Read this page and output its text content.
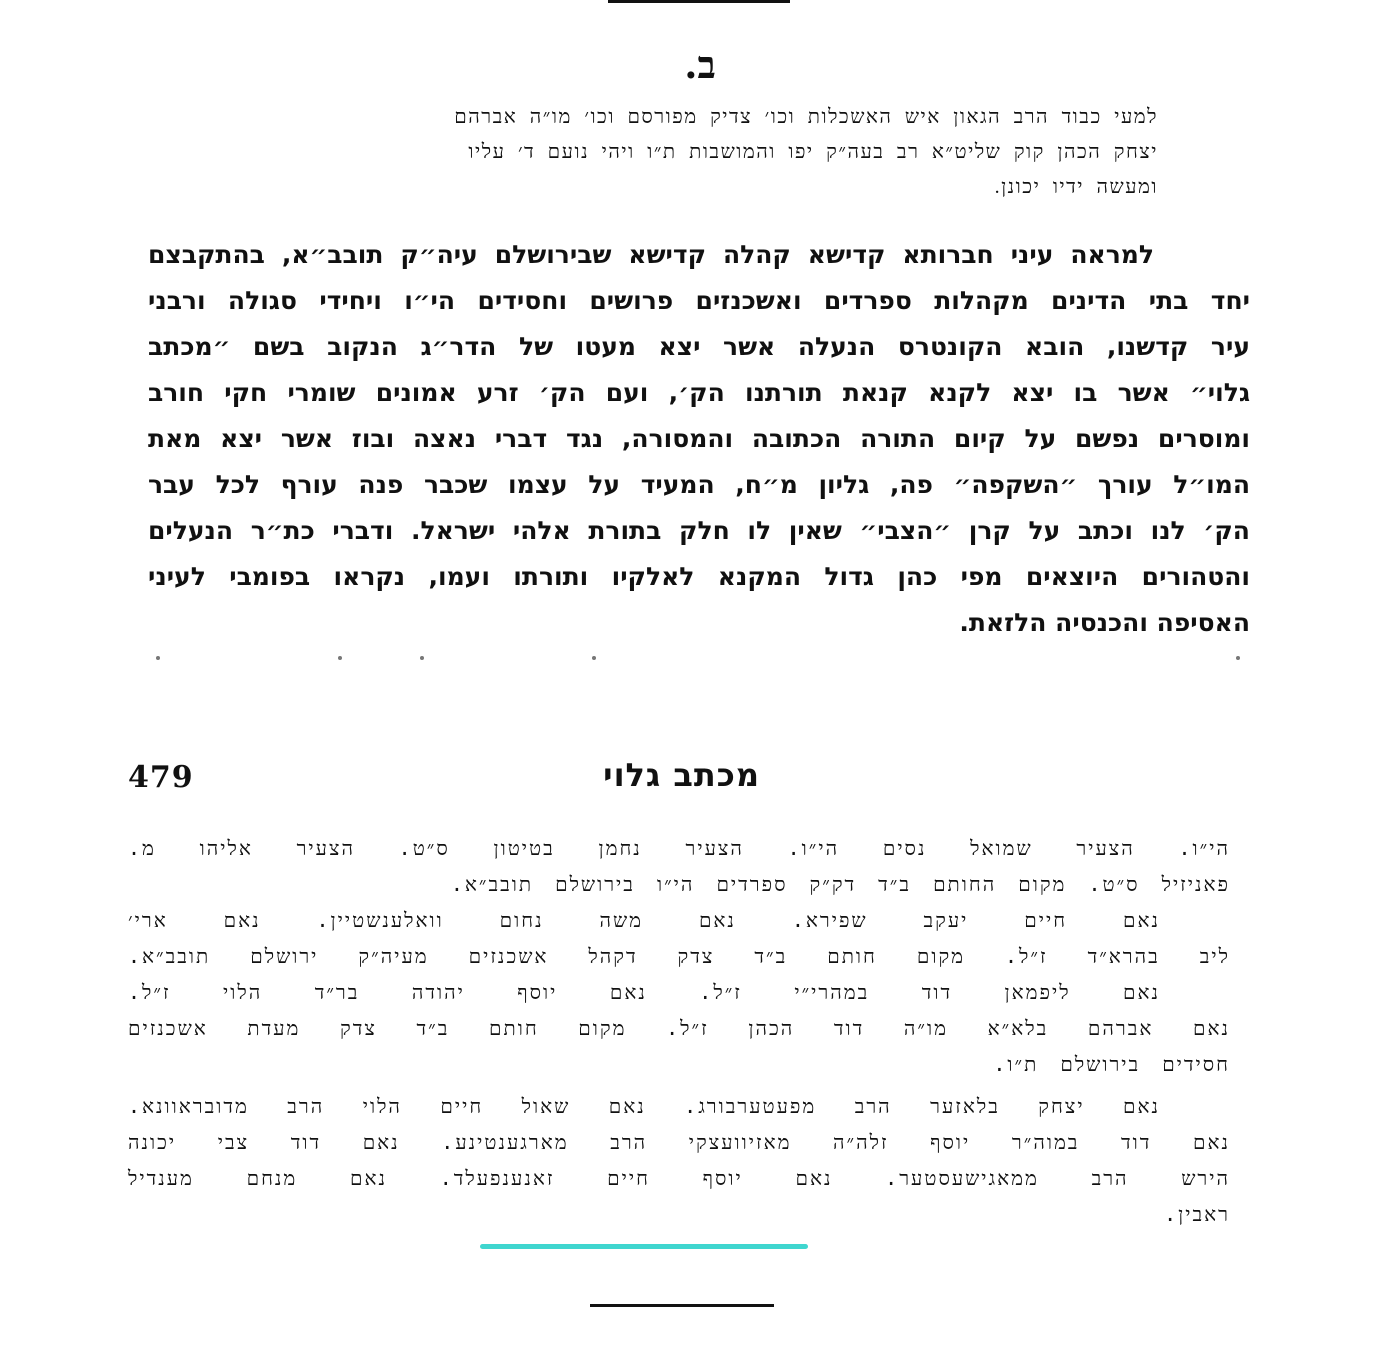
ב.
למעי כבוד הרב הגאון איש האשכלות וכו׳ צדיק מפורסם וכו׳ מו״ה אברהם
יצחק הכהן קוק שליט״א רב בעה״ק יפו והמושבות ת״ו ויהי נועם ד׳ עליו
ומעשה ידיו יכונן.
למראה עיני חברותא קדישא קהלה קדישא שבירושלם עיה״ק תובב״א, בהתקבצם
יחד בתי הדינים מקהלות ספרדים ואשכנזים פרושים וחסידים הי״ו ויחידי סגולה ורבני
עיר קדשנו, הובא הקונטרס הנעלה אשר יצא מעטו של הדר״ג הנקוב בשם ״מכתב
גלוי״ אשר בו יצא לקנא קנאת תורתנו הק׳, ועם הק׳ זרע אמונים שומרי חקי חורב
ומוסרים נפשם על קיום התורה הכתובה והמסורה, נגד דברי נאצה ובוז אשר יצא מאת
המו״ל עורך ״השקפה״ פה, גליון מ״ח, המעיד על עצמו שכבר פנה עורף לכל עבר
הק׳ לנו וכתב על קרן ״הצבי״ שאין לו חלק בתורת אלהי ישראל. ודברי כת״ר הנעלים
והטהורים היוצאים מפי כהן גדול המקנא לאלקיו ותורתו ועמו, נקראו בפומבי לעיני
האסיפה והכנסיה הלזאת.
479	מכתב גלוי
הי״ו. הצעיר שמואל נסים הי״ו. הצעיר נחמן בטיטון ס״ט. הצעיר אליהו מ.
פאניזיל ס״ט. מקום החותם ב״ד דק״ק ספרדים הי״ו בירושלם תובב״א.
נאם חיים יעקב שפירא. נאם משה נחום וואלענשטיין. נאם ארי׳
ליב בהרא״ד ז״ל. מקום חותם ב״ד צדק דקהל אשכנזים מעיה״ק ירושלם תובב״א.
נאם ליפמאן דוד במהרי״י ז״ל. נאם יוסף יהודה בר״ד הלוי ז״ל.
נאם אברהם בלא״א מו״ה דוד הכהן ז״ל. מקום חותם ב״ד צדק מעדת אשכנזים
חסידים בירושלם ת״ו.
נאם יצחק בלאזער הרב מפעטערבורג. נאם שאול חיים הלוי הרב מדובראוונא.
נאם דוד במוה״ר יוסף זלה״ה מאזיוועצקי הרב מארגענטינע. נאם דוד צבי יכונה
הירש הרב ממאגישעסטער. נאם יוסף חיים זאנענפעלד. נאם מנחם מענדיל
ראבין.
